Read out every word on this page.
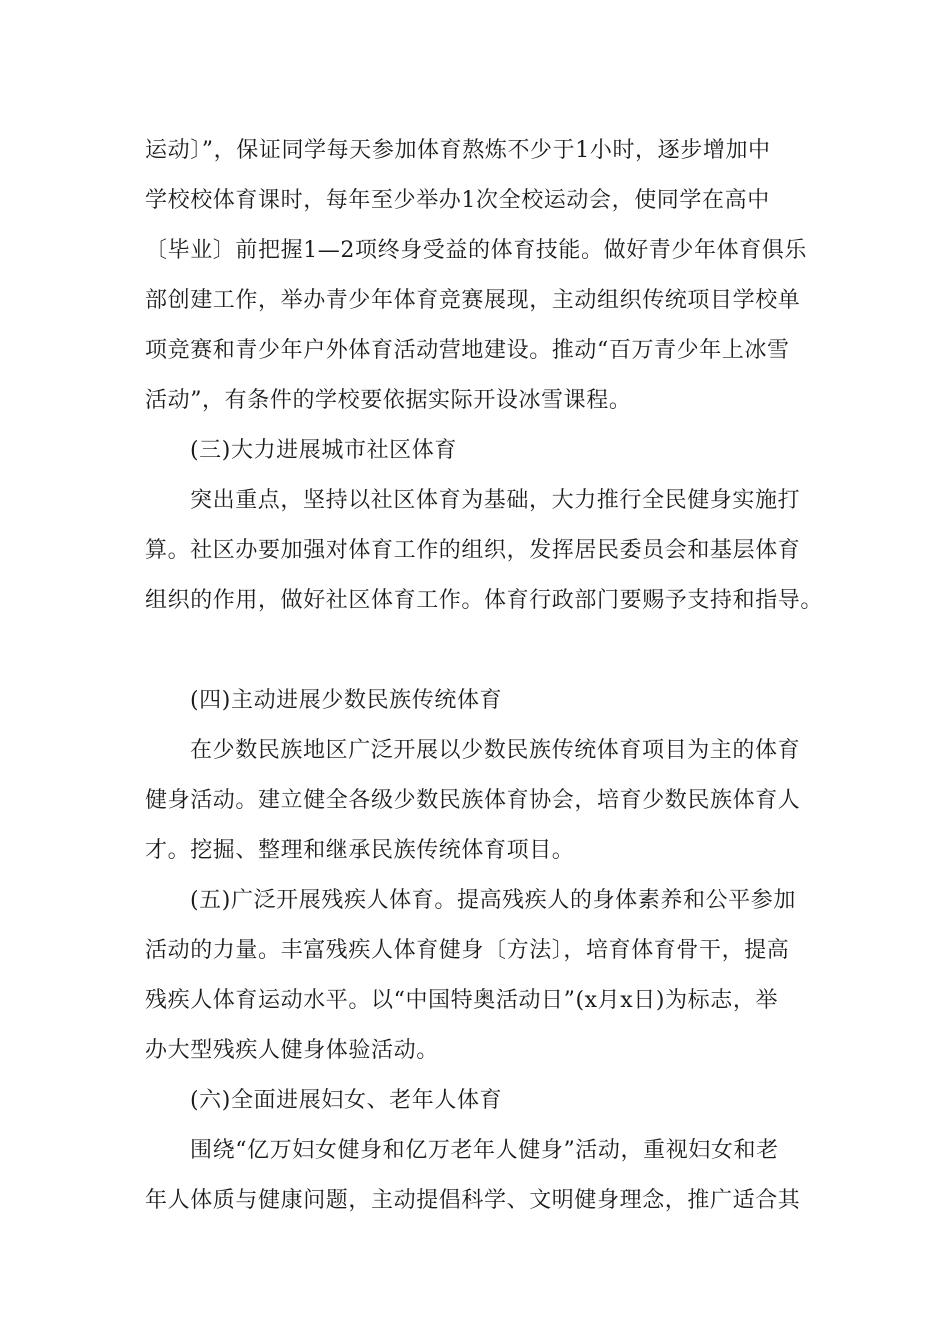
运动〕”，保证同学每天参加体育熬炼不少于1小时，逐步增加中
学校校体育课时，每年至少举办1次全校运动会，使同学在高中
〔毕业〕前把握1—2项终身受益的体育技能。做好青少年体育俱乐
部创建工作，举办青少年体育竞赛展现，主动组织传统项目学校单
项竞赛和青少年户外体育活动营地建设。推动“百万青少年上冰雪
活动”，有条件的学校要依据实际开设冰雪课程。
(三)大力进展城市社区体育
突出重点，坚持以社区体育为基础，大力推行全民健身实施打
算。社区办要加强对体育工作的组织，发挥居民委员会和基层体育
组织的作用，做好社区体育工作。体育行政部门要赐予支持和指导。
(四)主动进展少数民族传统体育
在少数民族地区广泛开展以少数民族传统体育项目为主的体育
健身活动。建立健全各级少数民族体育协会，培育少数民族体育人
才。挖掘、整理和继承民族传统体育项目。
(五)广泛开展残疾人体育。提高残疾人的身体素养和公平参加
活动的力量。丰富残疾人体育健身〔方法〕，培育体育骨干，提高
残疾人体育运动水平。以“中国特奥活动日”(x月x日)为标志，举
办大型残疾人健身体验活动。
(六)全面进展妇女、老年人体育
围绕“亿万妇女健身和亿万老年人健身”活动，重视妇女和老
年人体质与健康问题，主动提倡科学、文明健身理念，推广适合其
